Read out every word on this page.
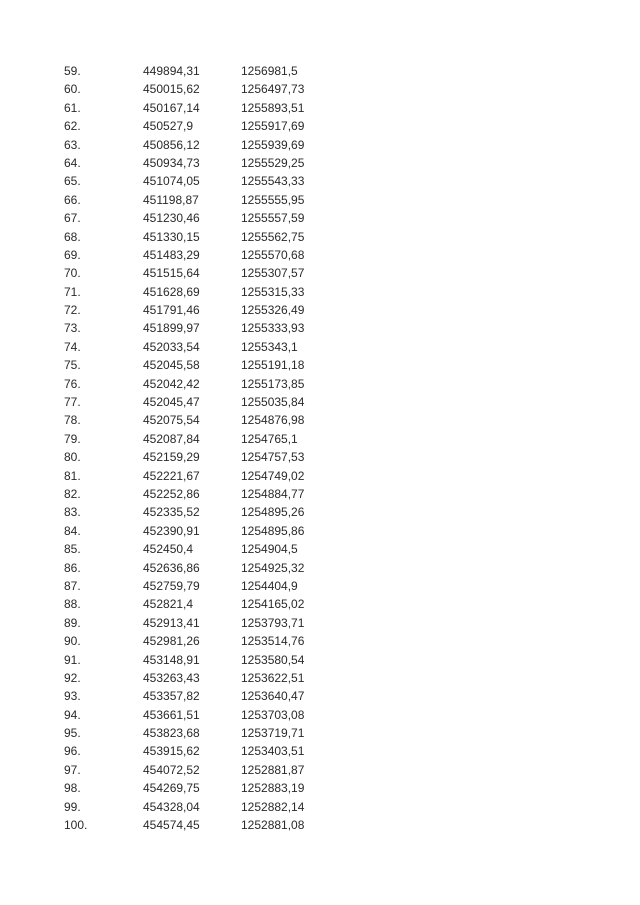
59.	449894,31	1256981,5
60.	450015,62	1256497,73
61.	450167,14	1255893,51
62.	450527,9	1255917,69
63.	450856,12	1255939,69
64.	450934,73	1255529,25
65.	451074,05	1255543,33
66.	451198,87	1255555,95
67.	451230,46	1255557,59
68.	451330,15	1255562,75
69.	451483,29	1255570,68
70.	451515,64	1255307,57
71.	451628,69	1255315,33
72.	451791,46	1255326,49
73.	451899,97	1255333,93
74.	452033,54	1255343,1
75.	452045,58	1255191,18
76.	452042,42	1255173,85
77.	452045,47	1255035,84
78.	452075,54	1254876,98
79.	452087,84	1254765,1
80.	452159,29	1254757,53
81.	452221,67	1254749,02
82.	452252,86	1254884,77
83.	452335,52	1254895,26
84.	452390,91	1254895,86
85.	452450,4	1254904,5
86.	452636,86	1254925,32
87.	452759,79	1254404,9
88.	452821,4	1254165,02
89.	452913,41	1253793,71
90.	452981,26	1253514,76
91.	453148,91	1253580,54
92.	453263,43	1253622,51
93.	453357,82	1253640,47
94.	453661,51	1253703,08
95.	453823,68	1253719,71
96.	453915,62	1253403,51
97.	454072,52	1252881,87
98.	454269,75	1252883,19
99.	454328,04	1252882,14
100.	454574,45	1252881,08
